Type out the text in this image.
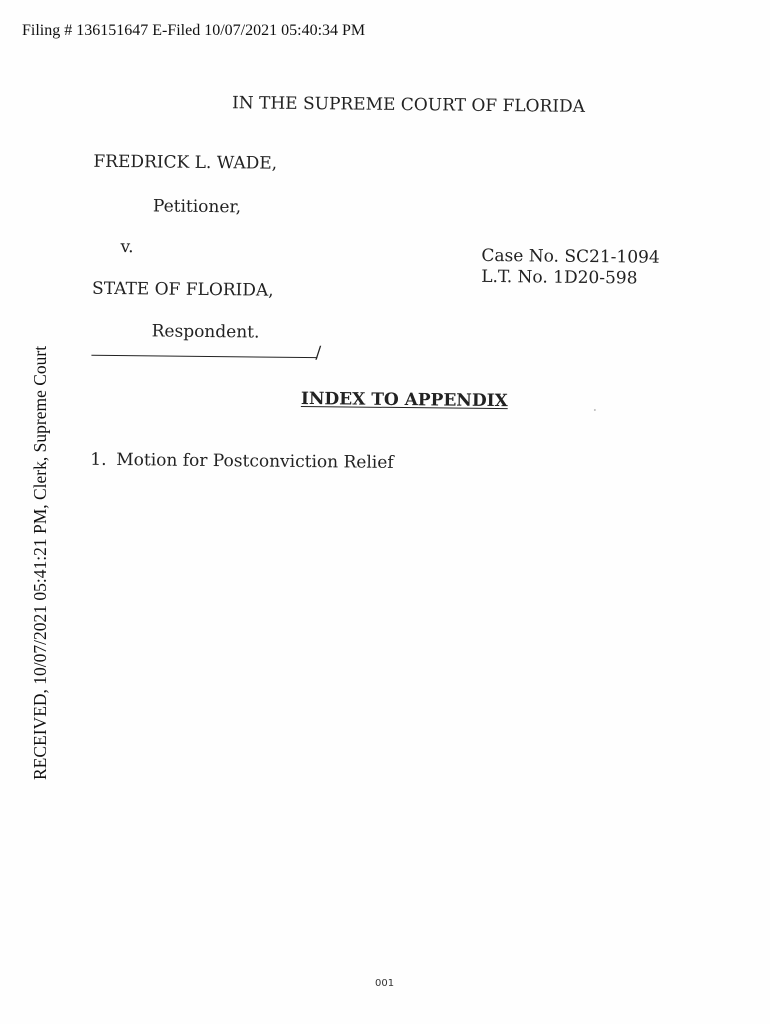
Filing # 136151647 E-Filed 10/07/2021 05:40:34 PM
RECEIVED, 10/07/2021 05:41:21 PM, Clerk, Supreme Court
IN THE SUPREME COURT OF FLORIDA
FREDRICK L. WADE,
Petitioner,
v.
STATE OF FLORIDA,
Respondent.
/
Case No. SC21-1094
L.T. No. 1D20-598
INDEX TO APPENDIX
1. Motion for Postconviction Relief
001
